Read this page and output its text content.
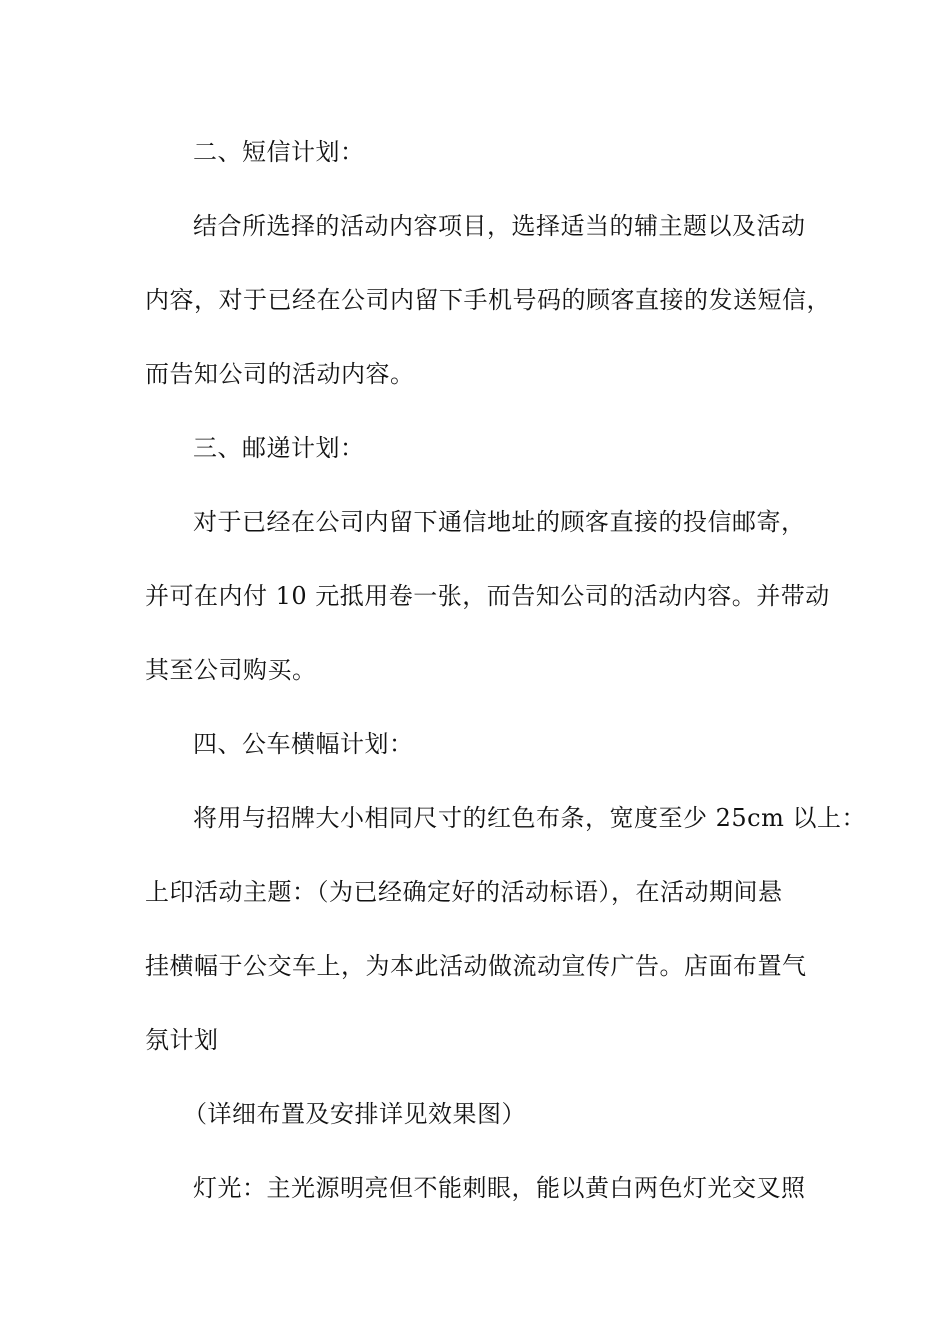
二、短信计划：
结合所选择的活动内容项目，选择适当的辅主题以及活动
内容，对于已经在公司内留下手机号码的顾客直接的发送短信，
而告知公司的活动内容。
三、邮递计划：
对于已经在公司内留下通信地址的顾客直接的投信邮寄，
并可在内付 10 元抵用卷一张，而告知公司的活动内容。并带动
其至公司购买。
四、公车横幅计划：
将用与招牌大小相同尺寸的红色布条，宽度至少 25cm 以上：
上印活动主题：（为已经确定好的活动标语），在活动期间悬
挂横幅于公交车上，为本此活动做流动宣传广告。店面布置气
氛计划
（详细布置及安排详见效果图）
灯光：主光源明亮但不能刺眼，能以黄白两色灯光交叉照
